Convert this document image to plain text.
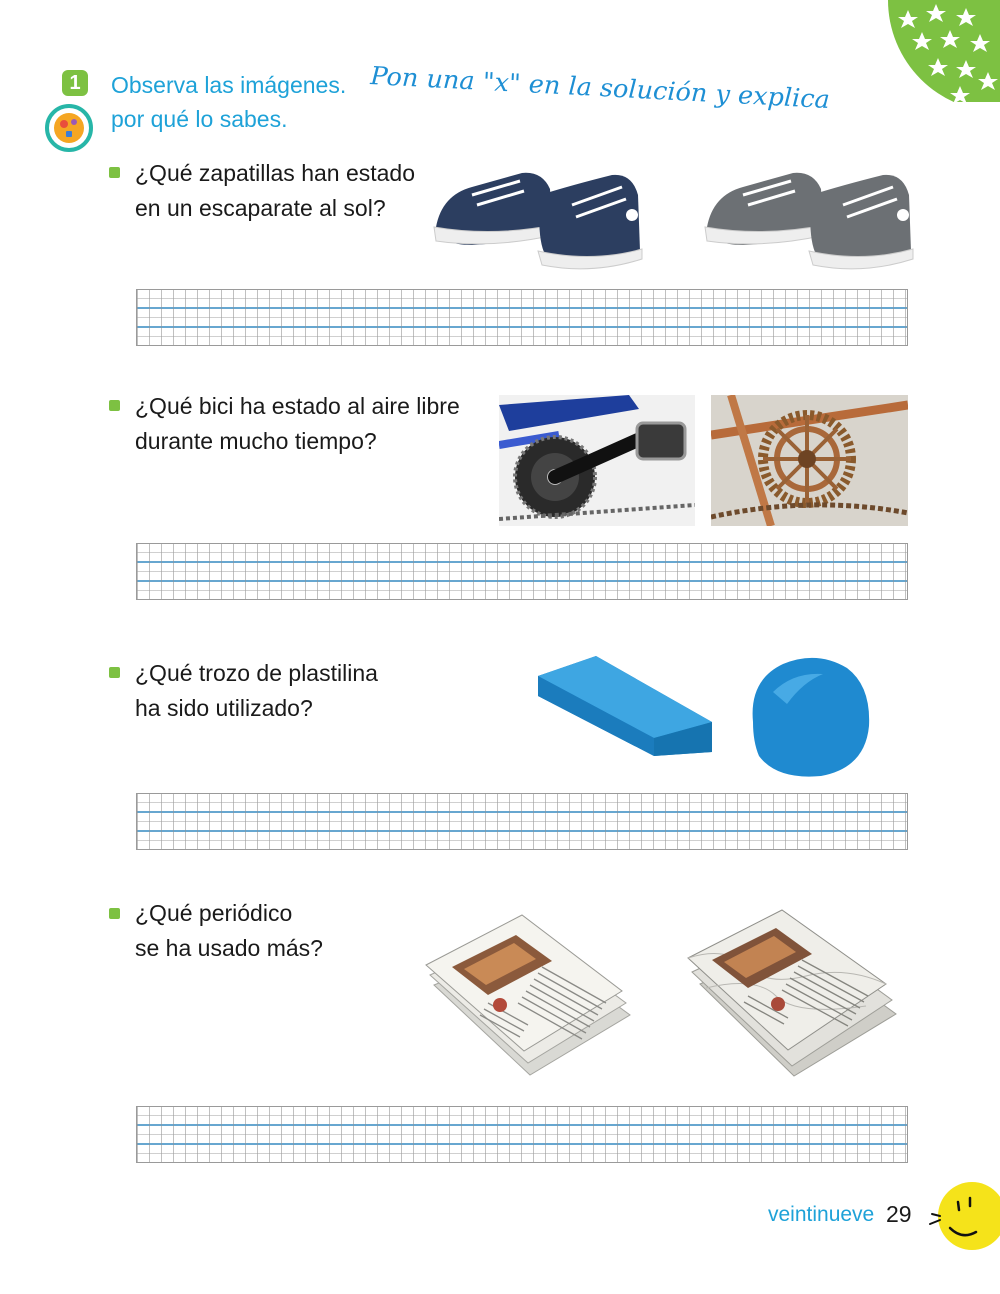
1	Observa las imágenes.
por qué lo sabes.
Pon una "x" en la solución y explica
¿Qué zapatillas han estado
en un escaparate al sol?
¿Qué bici ha estado al aire libre
durante mucho tiempo?
¿Qué trozo de plastilina
ha sido utilizado?
¿Qué periódico
se ha usado más?
veintinueve 29
